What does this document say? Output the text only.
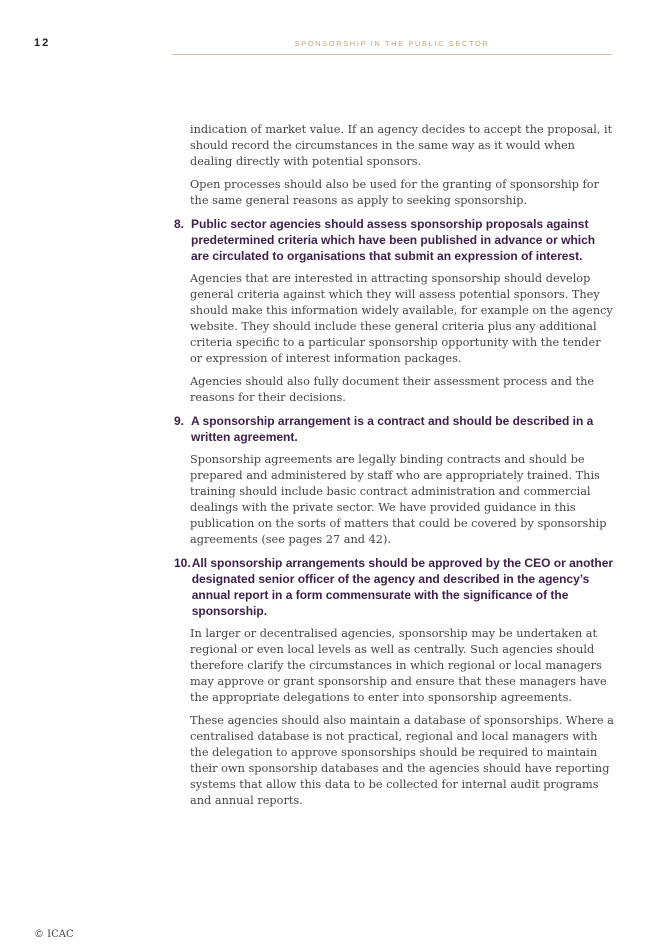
12	SPONSORSHIP IN THE PUBLIC SECTOR

indication of market value. If an agency decides to accept the proposal, it should record the circumstances in the same way as it would when dealing directly with potential sponsors.

Open processes should also be used for the granting of sponsorship for the same general reasons as apply to seeking sponsorship.

8. Public sector agencies should assess sponsorship proposals against predetermined criteria which have been published in advance or which are circulated to organisations that submit an expression of interest.

Agencies that are interested in attracting sponsorship should develop general criteria against which they will assess potential sponsors. They should make this information widely available, for example on the agency website. They should include these general criteria plus any additional criteria specific to a particular sponsorship opportunity with the tender or expression of interest information packages.

Agencies should also fully document their assessment process and the reasons for their decisions.

9. A sponsorship arrangement is a contract and should be described in a written agreement.

Sponsorship agreements are legally binding contracts and should be prepared and administered by staff who are appropriately trained. This training should include basic contract administration and commercial dealings with the private sector. We have provided guidance in this publication on the sorts of matters that could be covered by sponsorship agreements (see pages 27 and 42).

10. All sponsorship arrangements should be approved by the CEO or another designated senior officer of the agency and described in the agency’s annual report in a form commensurate with the significance of the sponsorship.

In larger or decentralised agencies, sponsorship may be undertaken at regional or even local levels as well as centrally. Such agencies should therefore clarify the circumstances in which regional or local managers may approve or grant sponsorship and ensure that these managers have the appropriate delegations to enter into sponsorship agreements.

These agencies should also maintain a database of sponsorships. Where a centralised database is not practical, regional and local managers with the delegation to approve sponsorships should be required to maintain their own sponsorship databases and the agencies should have reporting systems that allow this data to be collected for internal audit programs and annual reports.

© ICAC
